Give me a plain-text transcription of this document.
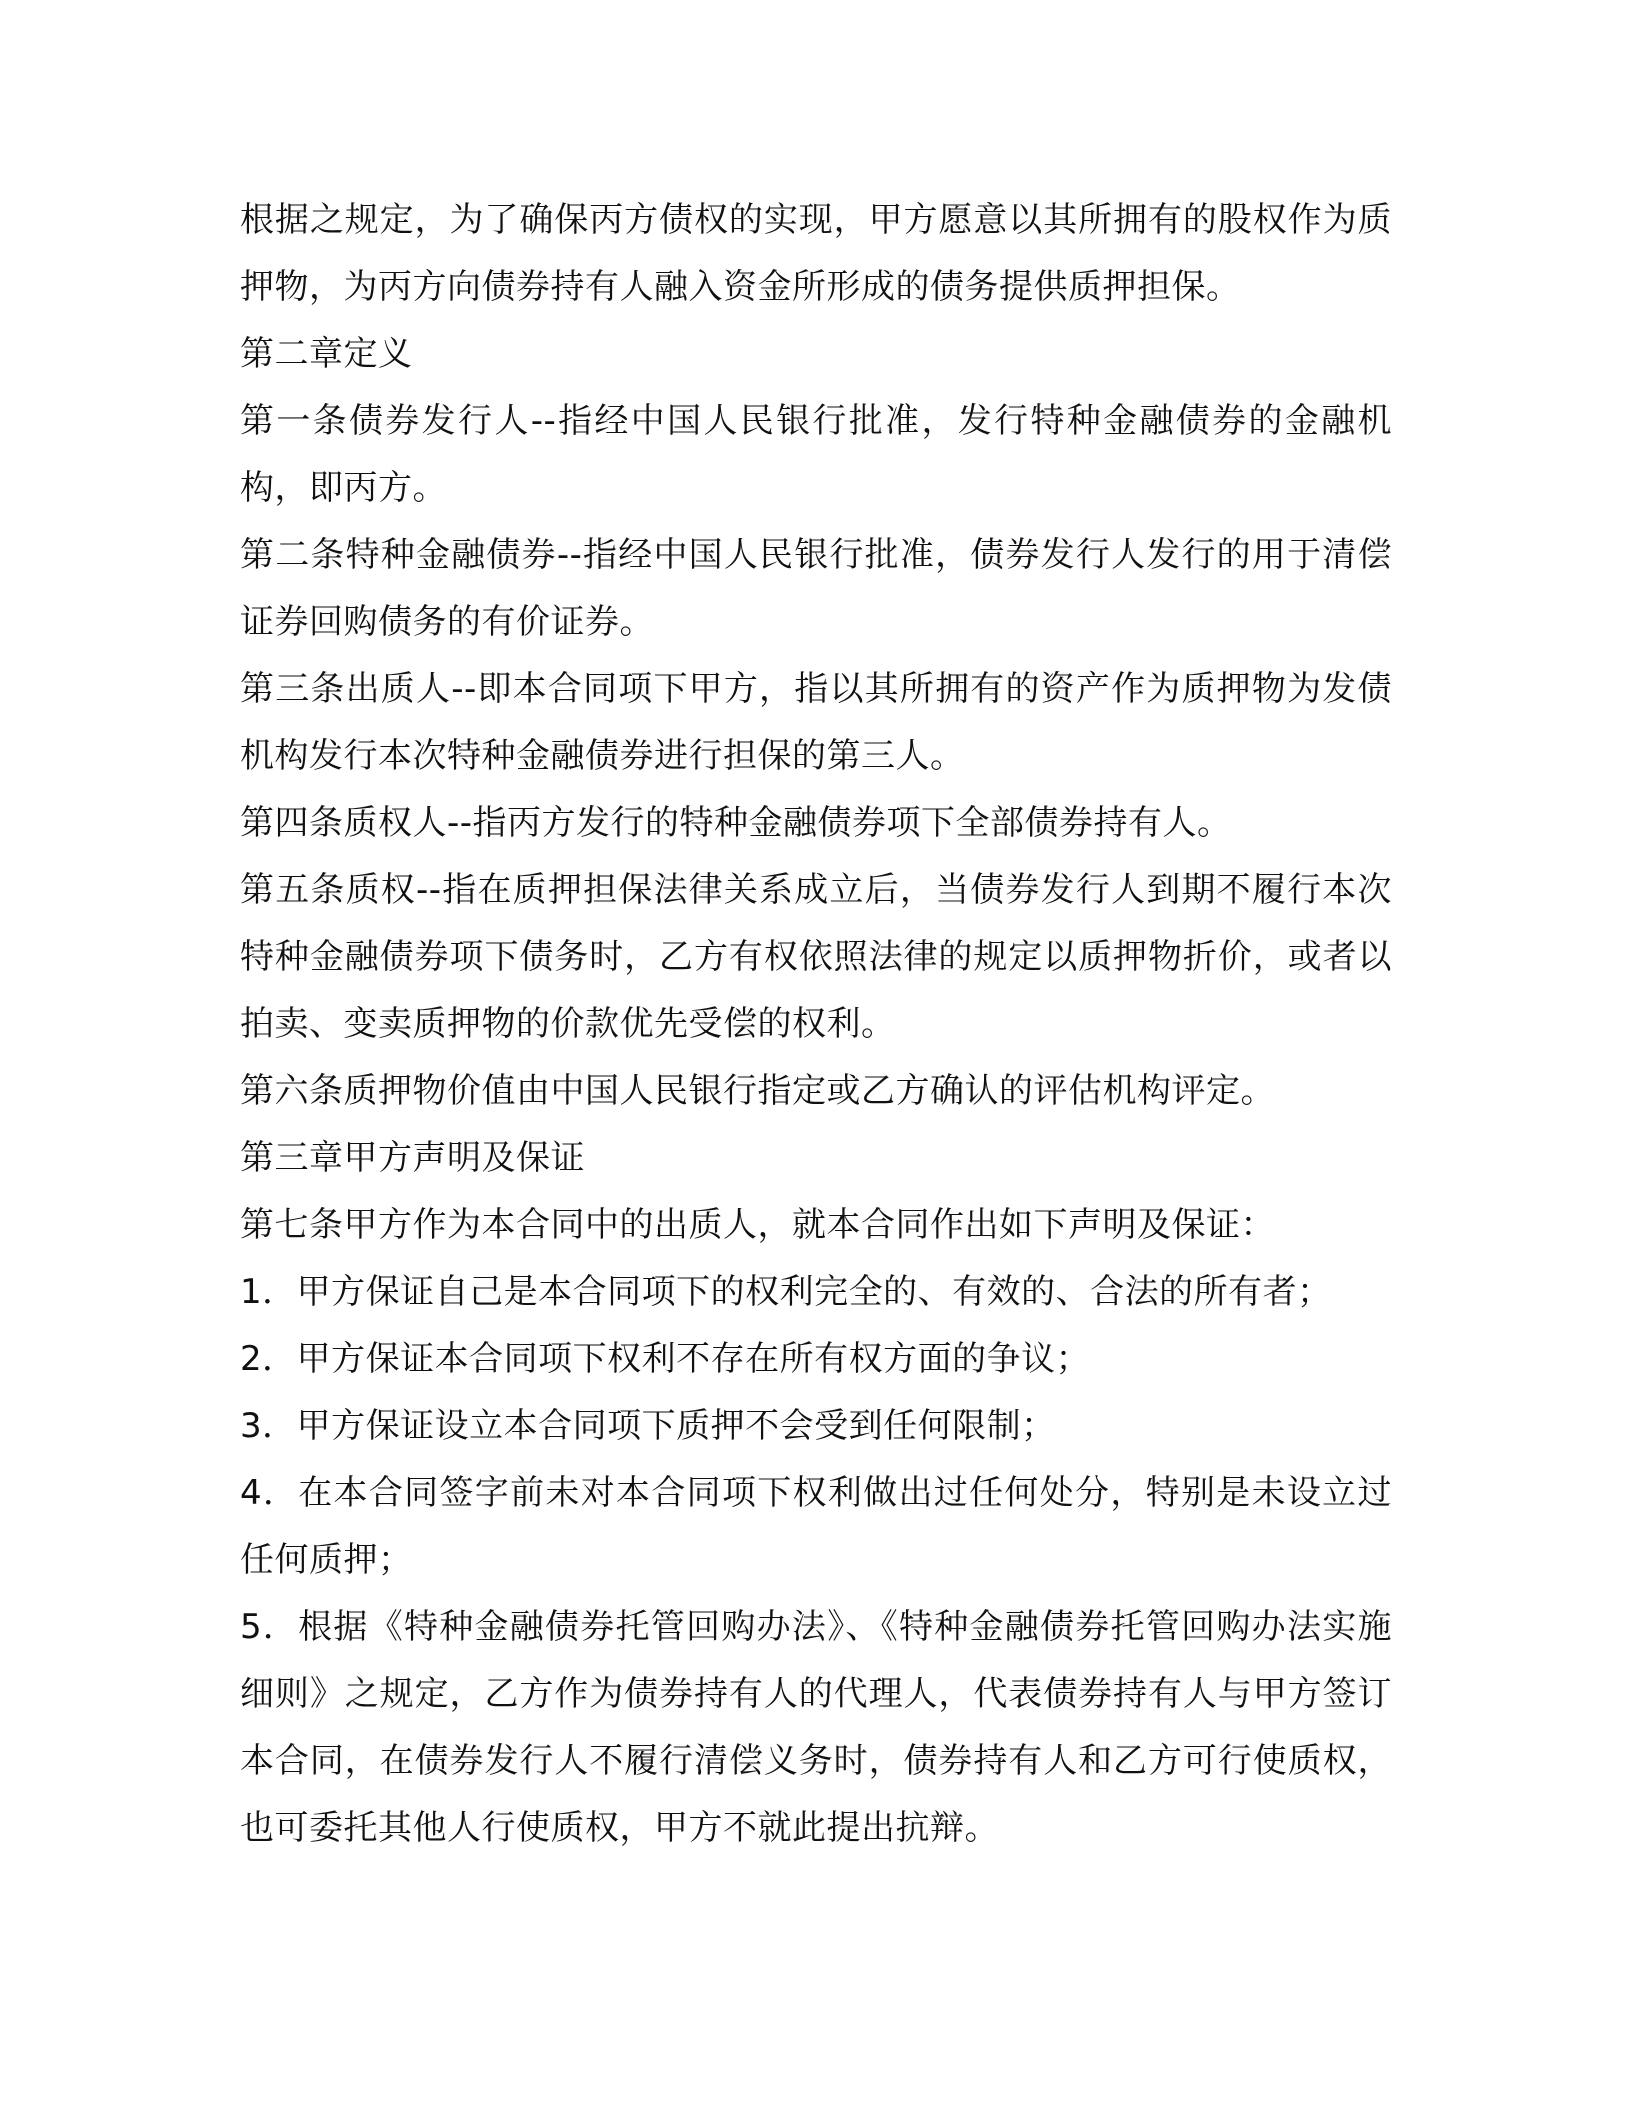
根据之规定，为了确保丙方债权的实现，甲方愿意以其所拥有的股权作为质押物，为丙方向债券持有人融入资金所形成的债务提供质押担保。

第二章定义

第一条债券发行人--指经中国人民银行批准，发行特种金融债券的金融机构，即丙方。

第二条特种金融债券--指经中国人民银行批准，债券发行人发行的用于清偿证券回购债务的有价证券。

第三条出质人--即本合同项下甲方，指以其所拥有的资产作为质押物为发债机构发行本次特种金融债券进行担保的第三人。

第四条质权人--指丙方发行的特种金融债券项下全部债券持有人。

第五条质权--指在质押担保法律关系成立后，当债券发行人到期不履行本次特种金融债券项下债务时，乙方有权依照法律的规定以质押物折价，或者以拍卖、变卖质押物的价款优先受偿的权利。

第六条质押物价值由中国人民银行指定或乙方确认的评估机构评定。

第三章甲方声明及保证

第七条甲方作为本合同中的出质人，就本合同作出如下声明及保证：

1．甲方保证自己是本合同项下的权利完全的、有效的、合法的所有者；

2．甲方保证本合同项下权利不存在所有权方面的争议；

3．甲方保证设立本合同项下质押不会受到任何限制；

4．在本合同签字前未对本合同项下权利做出过任何处分，特别是未设立过任何质押；

5．根据《特种金融债券托管回购办法》、《特种金融债券托管回购办法实施细则》之规定，乙方作为债券持有人的代理人，代表债券持有人与甲方签订本合同，在债券发行人不履行清偿义务时，债券持有人和乙方可行使质权，也可委托其他人行使质权，甲方不就此提出抗辩。
